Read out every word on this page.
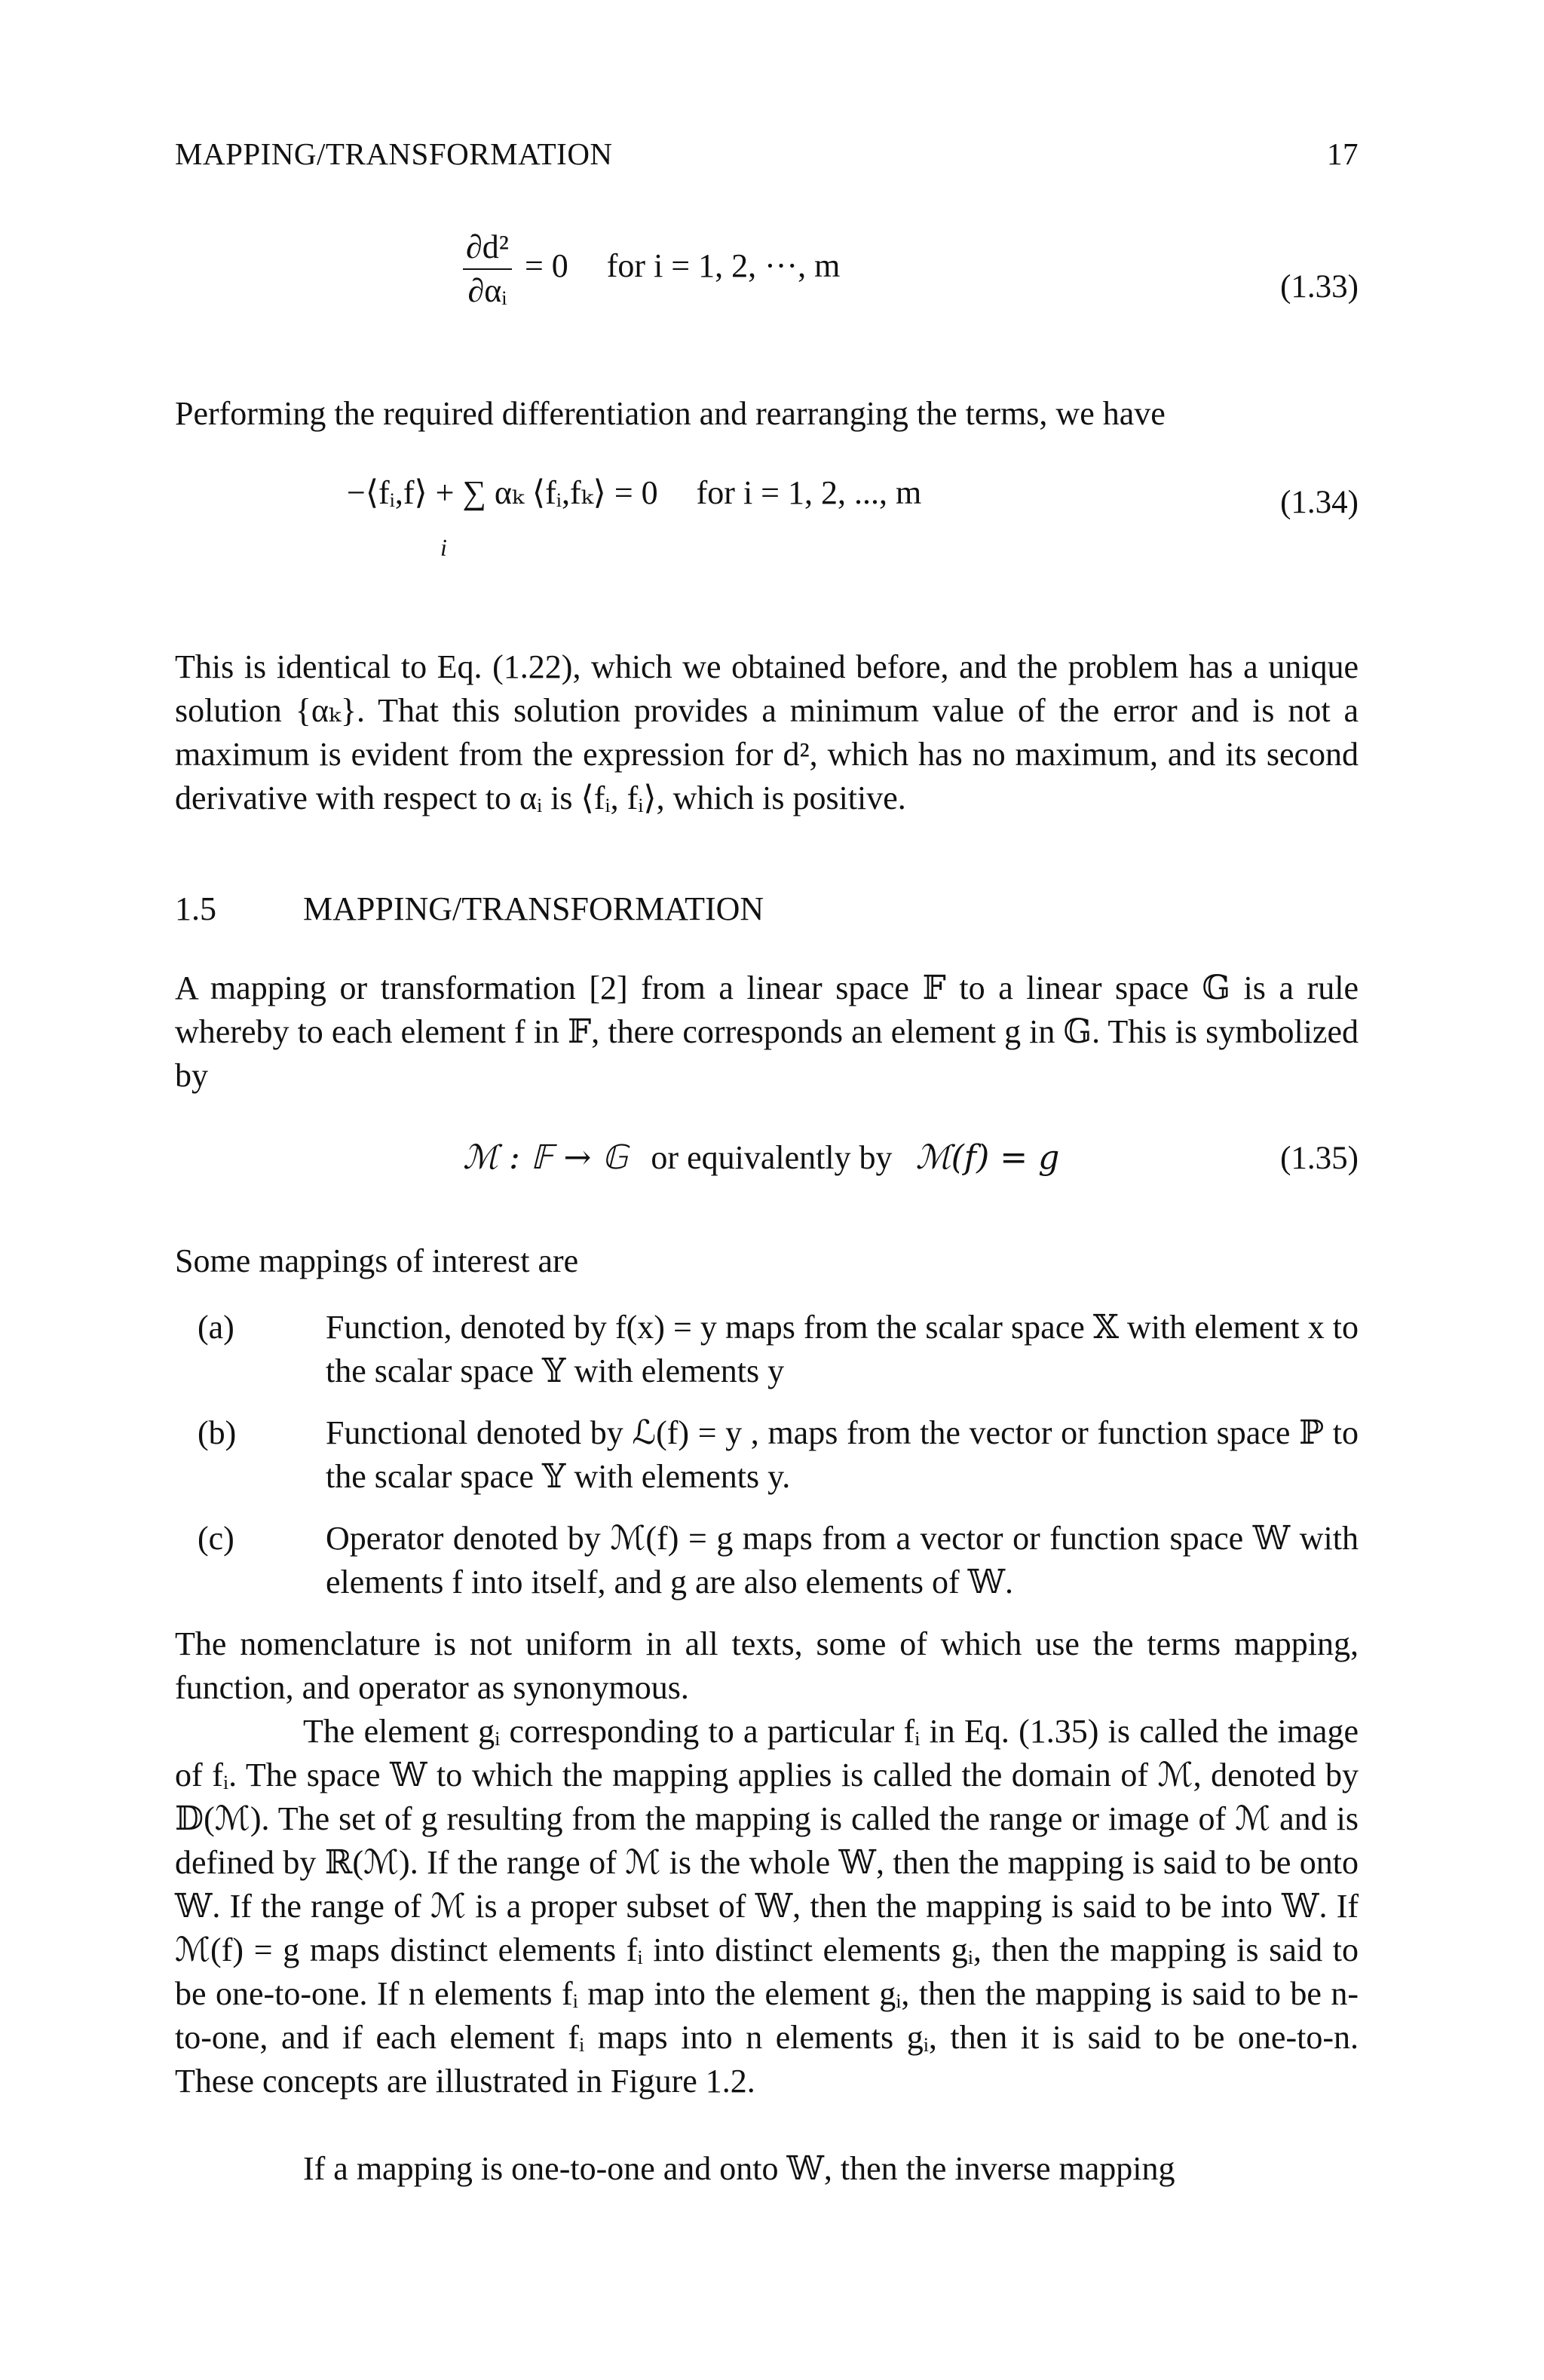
MAPPING/TRANSFORMATION	17
$\frac{\text{∂d²}}{\text{∂αᵢ}} = 0$ for i = 1, 2, ···, m
(1.33)

Performing the required differentiation and rearranging the terms, we have

−⟨fᵢ,f⟩ + ∑ αₖ ⟨fᵢ,fₖ⟩ = 0 for i = 1, 2, ..., m
i
(1.34)

This is identical to Eq. (1.22), which we obtained before, and the problem has a unique solution {αₖ}. That this solution provides a minimum value of the error and is not a maximum is evident from the expression for d², which has no maximum, and its second derivative with respect to αᵢ is ⟨fᵢ, fᵢ⟩, which is positive.

1.5	MAPPING/TRANSFORMATION

A mapping or transformation [2] from a linear space 𝔽 to a linear space 𝔾 is a rule whereby to each element f in 𝔽, there corresponds an element g in 𝔾. This is symbolized by

ℳ : 𝔽 → 𝔾 or equivalently by ℳ(f) = g	(1.35)

Some mappings of interest are

(a)	Function, denoted by f(x) = y maps from the scalar space 𝕏 with element x to the scalar space 𝕐 with elements y
(b)	Functional denoted by ℒ(f) = y , maps from the vector or function space ℙ to the scalar space 𝕐 with elements y.
(c)	Operator denoted by ℳ(f) = g maps from a vector or function space 𝕎 with elements f into itself, and g are also elements of 𝕎.

The nomenclature is not uniform in all texts, some of which use the terms mapping, function, and operator as synonymous.

The element gᵢ corresponding to a particular fᵢ in Eq. (1.35) is called the image of fᵢ. The space 𝕎 to which the mapping applies is called the domain of ℳ, denoted by 𝔻(ℳ). The set of g resulting from the mapping is called the range or image of ℳ and is defined by ℝ(ℳ). If the range of ℳ is the whole 𝕎, then the mapping is said to be onto 𝕎. If the range of ℳ is a proper subset of 𝕎, then the mapping is said to be into 𝕎. If ℳ(f) = g maps distinct elements fᵢ into distinct elements gᵢ, then the mapping is said to be one-to-one. If n elements fᵢ map into the element gᵢ, then the mapping is said to be n-to-one, and if each element fᵢ maps into n elements gᵢ, then it is said to be one-to-n. These concepts are illustrated in Figure 1.2.

If a mapping is one-to-one and onto 𝕎, then the inverse mapping
